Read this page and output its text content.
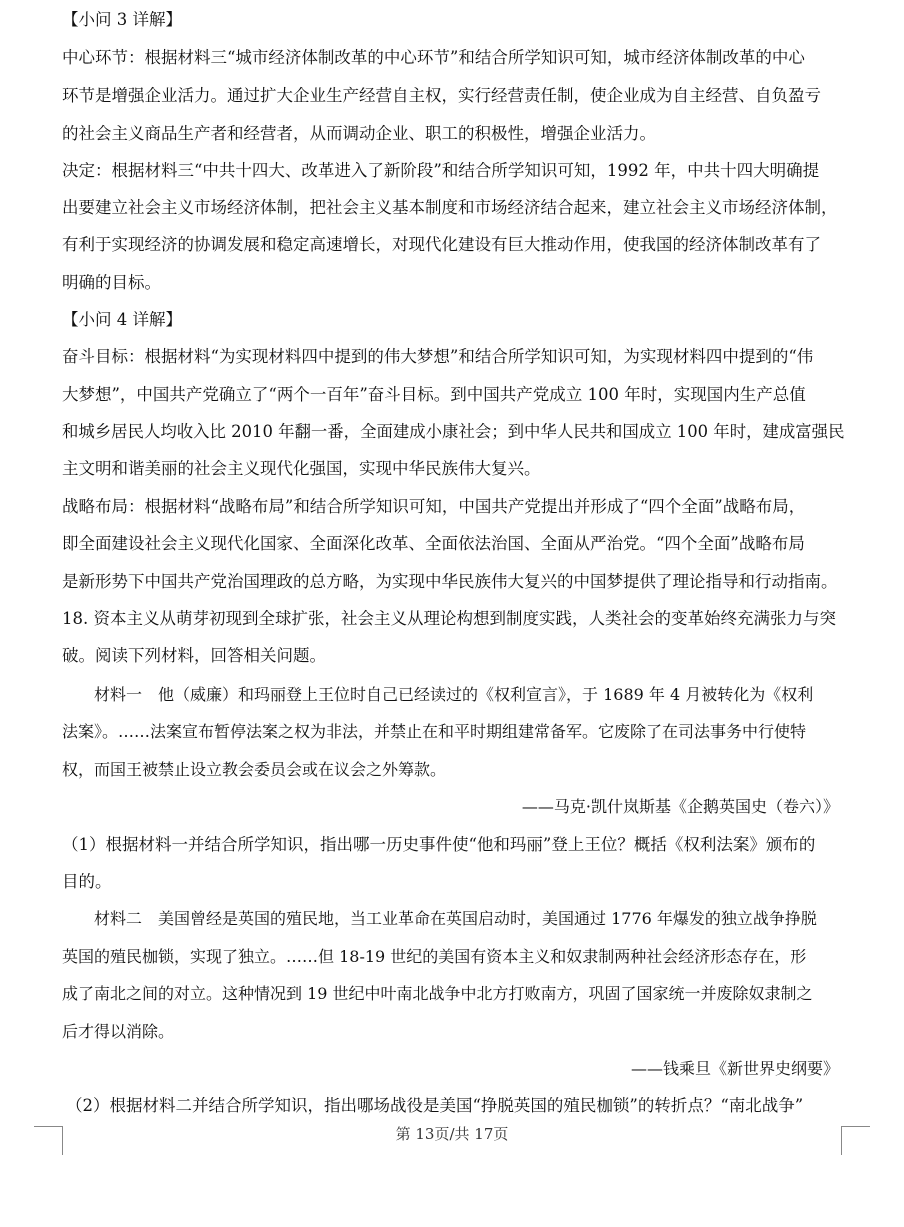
【小问 3 详解】
中心环节：根据材料三“城市经济体制改革的中心环节”和结合所学知识可知，城市经济体制改革的中心
环节是增强企业活力。通过扩大企业生产经营自主权，实行经营责任制，使企业成为自主经营、自负盈亏
的社会主义商品生产者和经营者，从而调动企业、职工的积极性，增强企业活力。
决定：根据材料三“中共十四大、改革进入了新阶段”和结合所学知识可知，1992 年，中共十四大明确提
出要建立社会主义市场经济体制，把社会主义基本制度和市场经济结合起来，建立社会主义市场经济体制，
有利于实现经济的协调发展和稳定高速增长，对现代化建设有巨大推动作用，使我国的经济体制改革有了
明确的目标。
【小问 4 详解】
奋斗目标：根据材料“为实现材料四中提到的伟大梦想”和结合所学知识可知，为实现材料四中提到的“伟
大梦想”，中国共产党确立了“两个一百年”奋斗目标。到中国共产党成立 100 年时，实现国内生产总值
和城乡居民人均收入比 2010 年翻一番，全面建成小康社会；到中华人民共和国成立 100 年时，建成富强民
主文明和谐美丽的社会主义现代化强国，实现中华民族伟大复兴。
战略布局：根据材料“战略布局”和结合所学知识可知，中国共产党提出并形成了“四个全面”战略布局，
即全面建设社会主义现代化国家、全面深化改革、全面依法治国、全面从严治党。“四个全面”战略布局
是新形势下中国共产党治国理政的总方略，为实现中华民族伟大复兴的中国梦提供了理论指导和行动指南。
18. 资本主义从萌芽初现到全球扩张，社会主义从理论构想到制度实践，人类社会的变革始终充满张力与突
破。阅读下列材料，回答相关问题。
材料一　他（威廉）和玛丽登上王位时自己已经读过的《权利宣言》，于 1689 年 4 月被转化为《权利
法案》。……法案宣布暂停法案之权为非法，并禁止在和平时期组建常备军。它废除了在司法事务中行使特
权，而国王被禁止设立教会委员会或在议会之外筹款。
——马克·凯什岚斯基《企鹅英国史（卷六）》
（1）根据材料一并结合所学知识，指出哪一历史事件使“他和玛丽”登上王位？概括《权利法案》颁布的
目的。
材料二　美国曾经是英国的殖民地，当工业革命在英国启动时，美国通过 1776 年爆发的独立战争挣脱
英国的殖民枷锁，实现了独立。……但 18-19 世纪的美国有资本主义和奴隶制两种社会经济形态存在，形
成了南北之间的对立。这种情况到 19 世纪中叶南北战争中北方打败南方，巩固了国家统一并废除奴隶制之
后才得以消除。
——钱乘旦《新世界史纲要》
（2）根据材料二并结合所学知识，指出哪场战役是美国“挣脱英国的殖民枷锁”的转折点？“南北战争”
第 13页/共 17页
